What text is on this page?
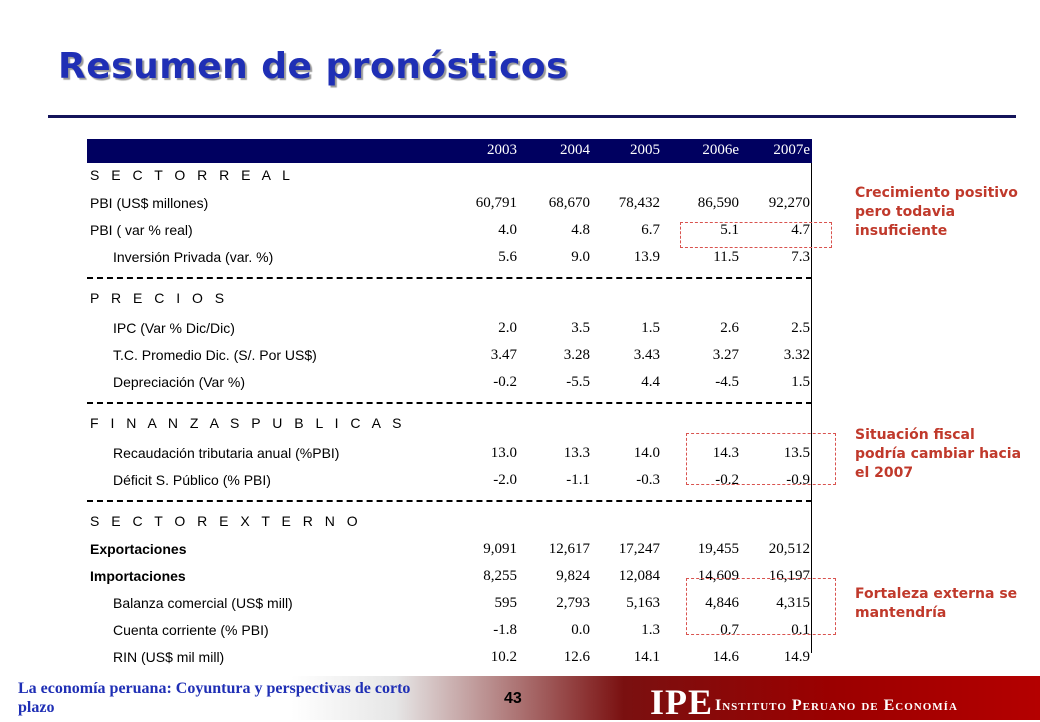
Resumen de pronósticos
2003	2004	2005	2006e 2007e
S E C T O R R E A L
PBI (US$ millones)	60,791 68,670 78,432	86,590 92,270
PBI ( var % real)	4.0	4.8	6.7	5.1	4.7
Inversión Privada (var. %)	5.6	9.0	13.9	11.5	7.3
P R E C I O S
IPC (Var % Dic/Dic)	2.0	3.5	1.5	2.6	2.5
T.C. Promedio Dic. (S/. Por US$)	3.47	3.28	3.43	3.27	3.32
Depreciación (Var %)	-0.2	-5.5	4.4	-4.5	1.5
F I N A N Z A S P U B L I C A S
Recaudación tributaria anual (%PBI)	13.0	13.3	14.0	14.3	13.5
Déficit S. Público (% PBI)	-2.0	-1.1	-0.3	-0.2	-0.9
S E C T O R E X T E R N O
Exportaciones	9,091 12,617 17,247	19,455 20,512
Importaciones	8,255	9,824 12,084	14,609 16,197
Balanza comercial (US$ mill)	595	2,793 5,163	4,846 4,315
Cuenta corriente (% PBI)	-1.8	0.0	1.3	0.7	0.1
RIN (US$ mil mill)	10.2	12.6	14.1	14.6	14.9
Crecimiento positivo pero todavia insuficiente
Situación fiscal podría cambiar hacia el 2007
Fortaleza externa se mantendría
La economía peruana: Coyuntura y perspectivas de corto plazo
43	IPE Instituto Peruano de Economía
